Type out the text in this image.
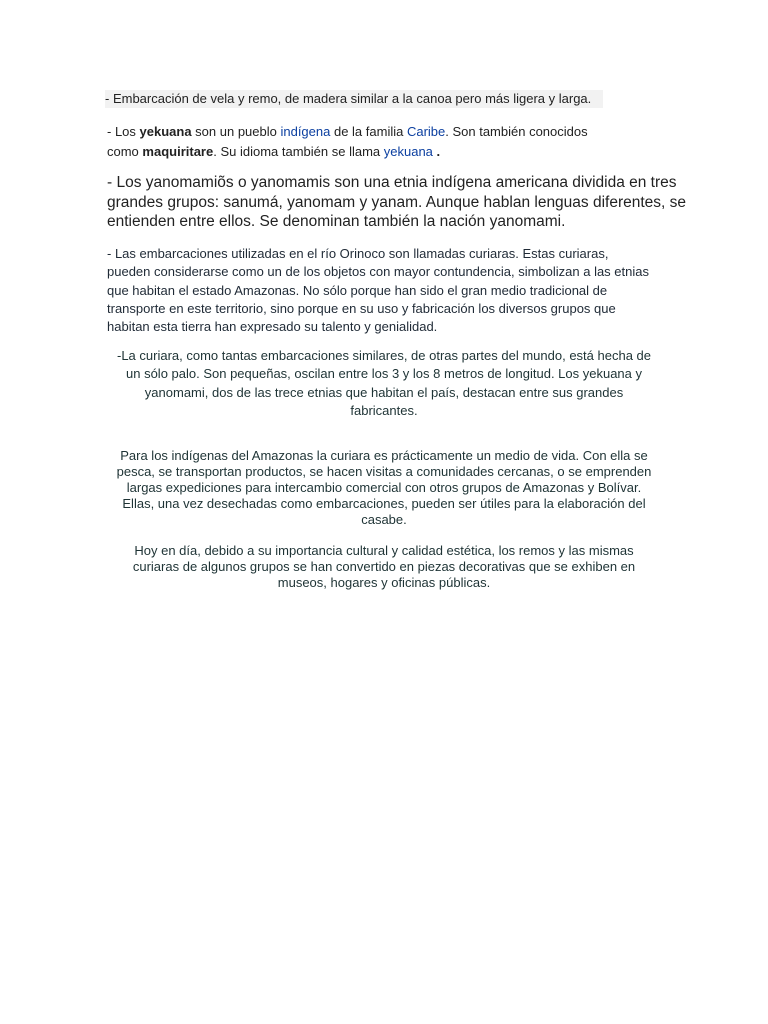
- Embarcación de vela y remo, de madera similar a la canoa pero más ligera y larga.
- Los yekuana son un pueblo indígena de la familia Caribe. Son también conocidos
como maquiritare. Su idioma también se llama yekuana .
- Los yanomamiõs o yanomamis son una etnia indígena americana dividida en tres
grandes grupos: sanumá, yanomam y yanam. Aunque hablan lenguas diferentes, se
entienden entre ellos. Se denominan también la nación yanomami.
- Las embarcaciones utilizadas en el río Orinoco son llamadas curiaras. Estas curiaras,
pueden considerarse como un de los objetos con mayor contundencia, simbolizan a las etnias
que habitan el estado Amazonas. No sólo porque han sido el gran medio tradicional de
transporte en este territorio, sino porque en su uso y fabricación los diversos grupos que
habitan esta tierra han expresado su talento y genialidad.
-La curiara, como tantas embarcaciones similares, de otras partes del mundo, está hecha de
un sólo palo. Son pequeñas, oscilan entre los 3 y los 8 metros de longitud. Los yekuana y
yanomami, dos de las trece etnias que habitan el país, destacan entre sus grandes
fabricantes.
Para los indígenas del Amazonas la curiara es prácticamente un medio de vida. Con ella se
pesca, se transportan productos, se hacen visitas a comunidades cercanas, o se emprenden
largas expediciones para intercambio comercial con otros grupos de Amazonas y Bolívar.
Ellas, una vez desechadas como embarcaciones, pueden ser útiles para la elaboración del
casabe.
Hoy en día, debido a su importancia cultural y calidad estética, los remos y las mismas
curiaras de algunos grupos se han convertido en piezas decorativas que se exhiben en
museos, hogares y oficinas públicas.
